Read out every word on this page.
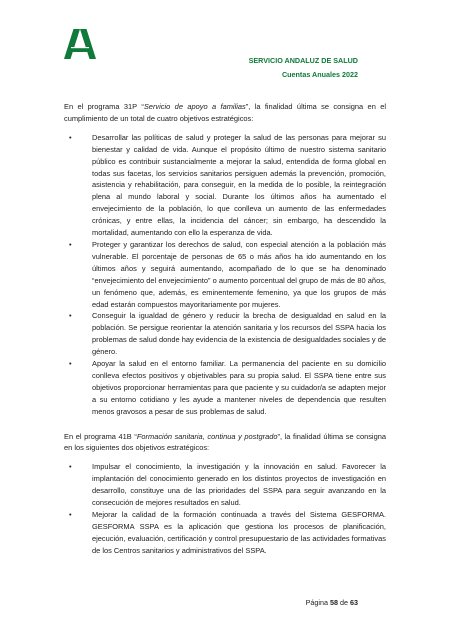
SERVICIO ANDALUZ DE SALUD
Cuentas Anuales 2022

En el programa 31P “Servicio de apoyo a familias”, la finalidad última se consigna en el cumplimiento de un total de cuatro objetivos estratégicos:

•	Desarrollar las políticas de salud y proteger la salud de las personas para mejorar su bienestar y calidad de vida. Aunque el propósito último de nuestro sistema sanitario público es contribuir sustancialmente a mejorar la salud, entendida de forma global en todas sus facetas, los servicios sanitarios persiguen además la prevención, promoción, asistencia y rehabilitación, para conseguir, en la medida de lo posible, la reintegración plena al mundo laboral y social. Durante los últimos años ha aumentado el envejecimiento de la población, lo que conlleva un aumento de las enfermedades crónicas, y entre ellas, la incidencia del cáncer; sin embargo, ha descendido la mortalidad, aumentando con ello la esperanza de vida.
•	Proteger y garantizar los derechos de salud, con especial atención a la población más vulnerable. El porcentaje de personas de 65 o más años ha ido aumentando en los últimos años y seguirá aumentando, acompañado de lo que se ha denominado “envejecimiento del envejecimiento” o aumento porcentual del grupo de más de 80 años, un fenómeno que, además, es eminentemente femenino, ya que los grupos de más edad estarán compuestos mayoritariamente por mujeres.
•	Conseguir la igualdad de género y reducir la brecha de desigualdad en salud en la población. Se persigue reorientar la atención sanitaria y los recursos del SSPA hacia los problemas de salud donde hay evidencia de la existencia de desigualdades sociales y de género.
•	Apoyar la salud en el entorno familiar. La permanencia del paciente en su domicilio conlleva efectos positivos y objetivables para su propia salud. El SSPA tiene entre sus objetivos proporcionar herramientas para que paciente y su cuidador/a se adapten mejor a su entorno cotidiano y les ayude a mantener niveles de dependencia que resulten menos gravosos a pesar de sus problemas de salud.

En el programa 41B “Formación sanitaria, continua y postgrado”, la finalidad última se consigna en los siguientes dos objetivos estratégicos:

•	Impulsar el conocimiento, la investigación y la innovación en salud. Favorecer la implantación del conocimiento generado en los distintos proyectos de investigación en desarrollo, constituye una de las prioridades del SSPA para seguir avanzando en la consecución de mejores resultados en salud.
•	Mejorar la calidad de la formación continuada a través del Sistema GESFORMA. GESFORMA SSPA es la aplicación que gestiona los procesos de planificación, ejecución, evaluación, certificación y control presupuestario de las actividades formativas de los Centros sanitarios y administrativos del SSPA.
Página 58 de 63
